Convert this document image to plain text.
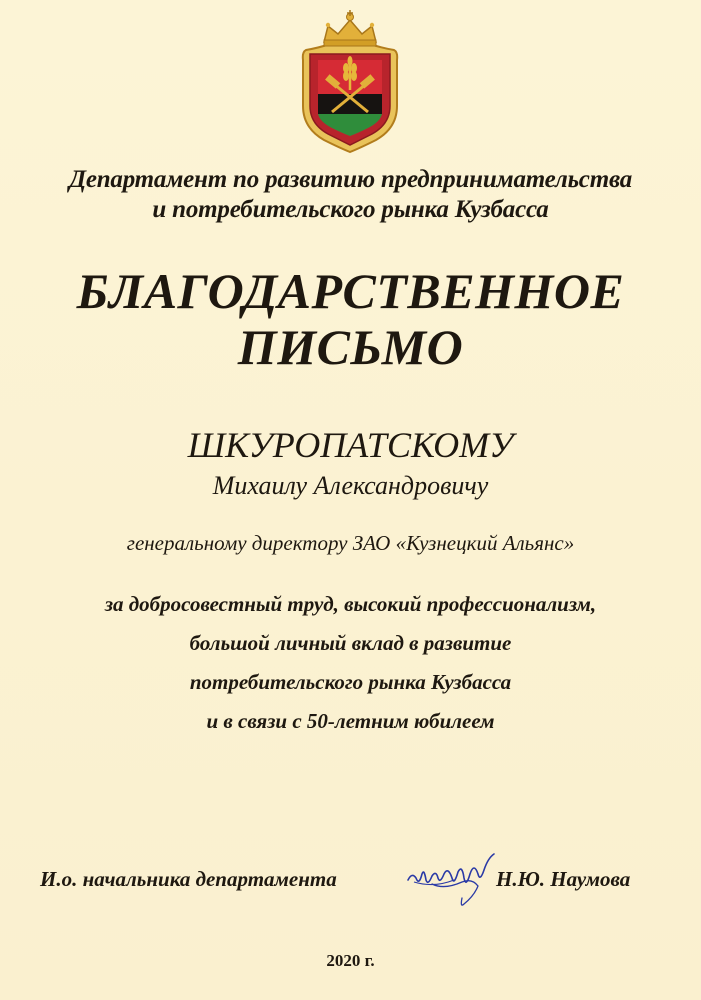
Департамент по развитию предпринимательства
и потребительского рынка Кузбасса
БЛАГОДАРСТВЕННОЕ
ПИСЬМО
ШКУРОПАТСКОМУ
Михаилу Александровичу
генеральному директору ЗАО «Кузнецкий Альянс»
за добросовестный труд, высокий профессионализм,
большой личный вклад в развитие
потребительского рынка Кузбасса
и в связи с 50-летним юбилеем
И.о. начальника департамента	Н.Ю. Наумова
2020 г.
